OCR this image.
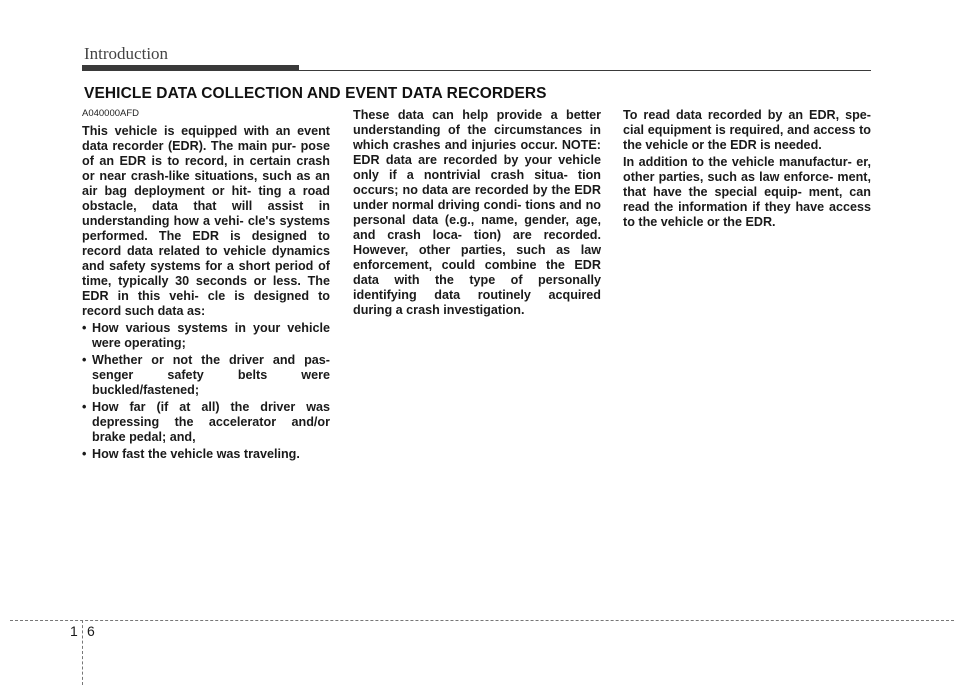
Introduction
VEHICLE DATA COLLECTION AND EVENT DATA RECORDERS
A040000AFD

This vehicle is equipped with an event data recorder (EDR). The main pur- pose of an EDR is to record, in certain crash or near crash-like situations, such as an air bag deployment or hit- ting a road obstacle, data that will assist in understanding how a vehi- cle's systems performed. The EDR is designed to record data related to vehicle dynamics and safety systems for a short period of time, typically 30 seconds or less. The EDR in this vehi- cle is designed to record such data as:

• How various systems in your vehicle were operating;
• Whether or not the driver and pas- senger safety belts were buckled/fastened;
• How far (if at all) the driver was depressing the accelerator and/or brake pedal; and,
• How fast the vehicle was traveling.

These data can help provide a better understanding of the circumstances in which crashes and injuries occur. NOTE: EDR data are recorded by your vehicle only if a nontrivial crash situa- tion occurs; no data are recorded by the EDR under normal driving condi- tions and no personal data (e.g., name, gender, age, and crash loca- tion) are recorded. However, other parties, such as law enforcement, could combine the EDR data with the type of personally identifying data routinely acquired during a crash investigation.

To read data recorded by an EDR, spe- cial equipment is required, and access to the vehicle or the EDR is needed.

In addition to the vehicle manufactur- er, other parties, such as law enforce- ment, that have the special equip- ment, can read the information if they have access to the vehicle or the EDR.

1 6
